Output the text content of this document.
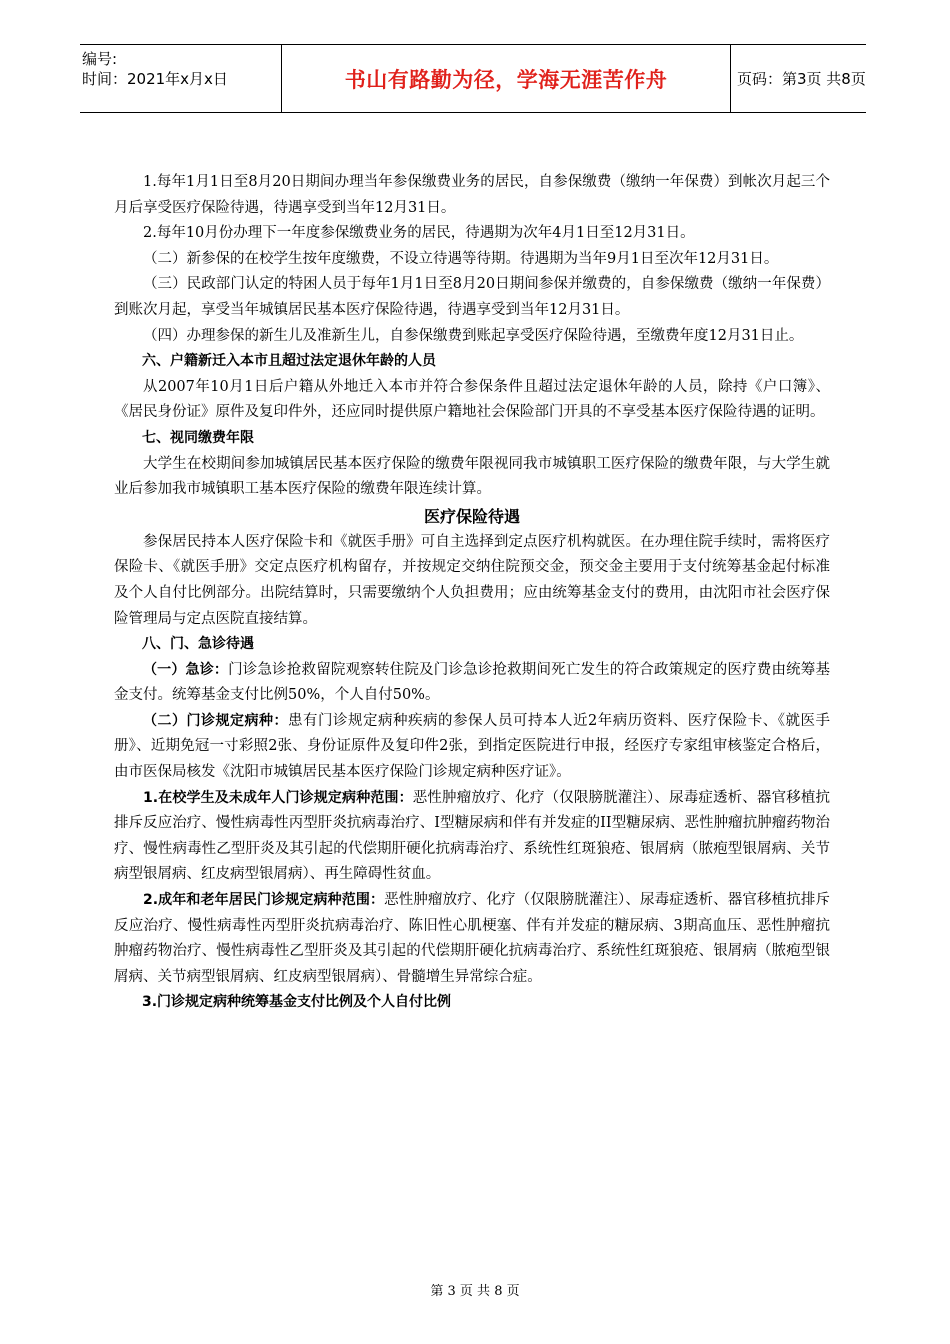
编号:
时间：2021年x月x日	书山有路勤为径，学海无涯苦作舟	页码：第3页 共8页

1.每年1月1日至8月20日期间办理当年参保缴费业务的居民，自参保缴费（缴纳一年保费）到帐次月起三个月后享受医疗保险待遇，待遇享受到当年12月31日。

2.每年10月份办理下一年度参保缴费业务的居民，待遇期为次年4月1日至12月31日。

（二）新参保的在校学生按年度缴费，不设立待遇等待期。待遇期为当年9月1日至次年12月31日。

（三）民政部门认定的特困人员于每年1月1日至8月20日期间参保并缴费的，自参保缴费（缴纳一年保费）到账次月起，享受当年城镇居民基本医疗保险待遇，待遇享受到当年12月31日。

（四）办理参保的新生儿及准新生儿，自参保缴费到账起享受医疗保险待遇，至缴费年度12月31日止。

六、户籍新迁入本市且超过法定退休年龄的人员

从2007年10月1日后户籍从外地迁入本市并符合参保条件且超过法定退休年龄的人员，除持《户口簿》、《居民身份证》原件及复印件外，还应同时提供原户籍地社会保险部门开具的不享受基本医疗保险待遇的证明。

七、视同缴费年限

大学生在校期间参加城镇居民基本医疗保险的缴费年限视同我市城镇职工医疗保险的缴费年限，与大学生就业后参加我市城镇职工基本医疗保险的缴费年限连续计算。

医疗保险待遇

参保居民持本人医疗保险卡和《就医手册》可自主选择到定点医疗机构就医。在办理住院手续时，需将医疗保险卡、《就医手册》交定点医疗机构留存，并按规定交纳住院预交金，预交金主要用于支付统筹基金起付标准及个人自付比例部分。出院结算时，只需要缴纳个人负担费用；应由统筹基金支付的费用，由沈阳市社会医疗保险管理局与定点医院直接结算。

八、门、急诊待遇

（一）急诊：门诊急诊抢救留院观察转住院及门诊急诊抢救期间死亡发生的符合政策规定的医疗费由统筹基金支付。统筹基金支付比例50%，个人自付50%。

（二）门诊规定病种：患有门诊规定病种疾病的参保人员可持本人近2年病历资料、医疗保险卡、《就医手册》、近期免冠一寸彩照2张、身份证原件及复印件2张，到指定医院进行申报，经医疗专家组审核鉴定合格后，由市医保局核发《沈阳市城镇居民基本医疗保险门诊规定病种医疗证》。

1.在校学生及未成年人门诊规定病种范围：恶性肿瘤放疗、化疗（仅限膀胱灌注）、尿毒症透析、器官移植抗排斥反应治疗、慢性病毒性丙型肝炎抗病毒治疗、I型糖尿病和伴有并发症的II型糖尿病、恶性肿瘤抗肿瘤药物治疗、慢性病毒性乙型肝炎及其引起的代偿期肝硬化抗病毒治疗、系统性红斑狼疮、银屑病（脓疱型银屑病、关节病型银屑病、红皮病型银屑病）、再生障碍性贫血。

2.成年和老年居民门诊规定病种范围：恶性肿瘤放疗、化疗（仅限膀胱灌注）、尿毒症透析、器官移植抗排斥反应治疗、慢性病毒性丙型肝炎抗病毒治疗、陈旧性心肌梗塞、伴有并发症的糖尿病、3期高血压、恶性肿瘤抗肿瘤药物治疗、慢性病毒性乙型肝炎及其引起的代偿期肝硬化抗病毒治疗、系统性红斑狼疮、银屑病（脓疱型银屑病、关节病型银屑病、红皮病型银屑病）、骨髓增生异常综合症。

3.门诊规定病种统筹基金支付比例及个人自付比例

第 3 页 共 8 页
